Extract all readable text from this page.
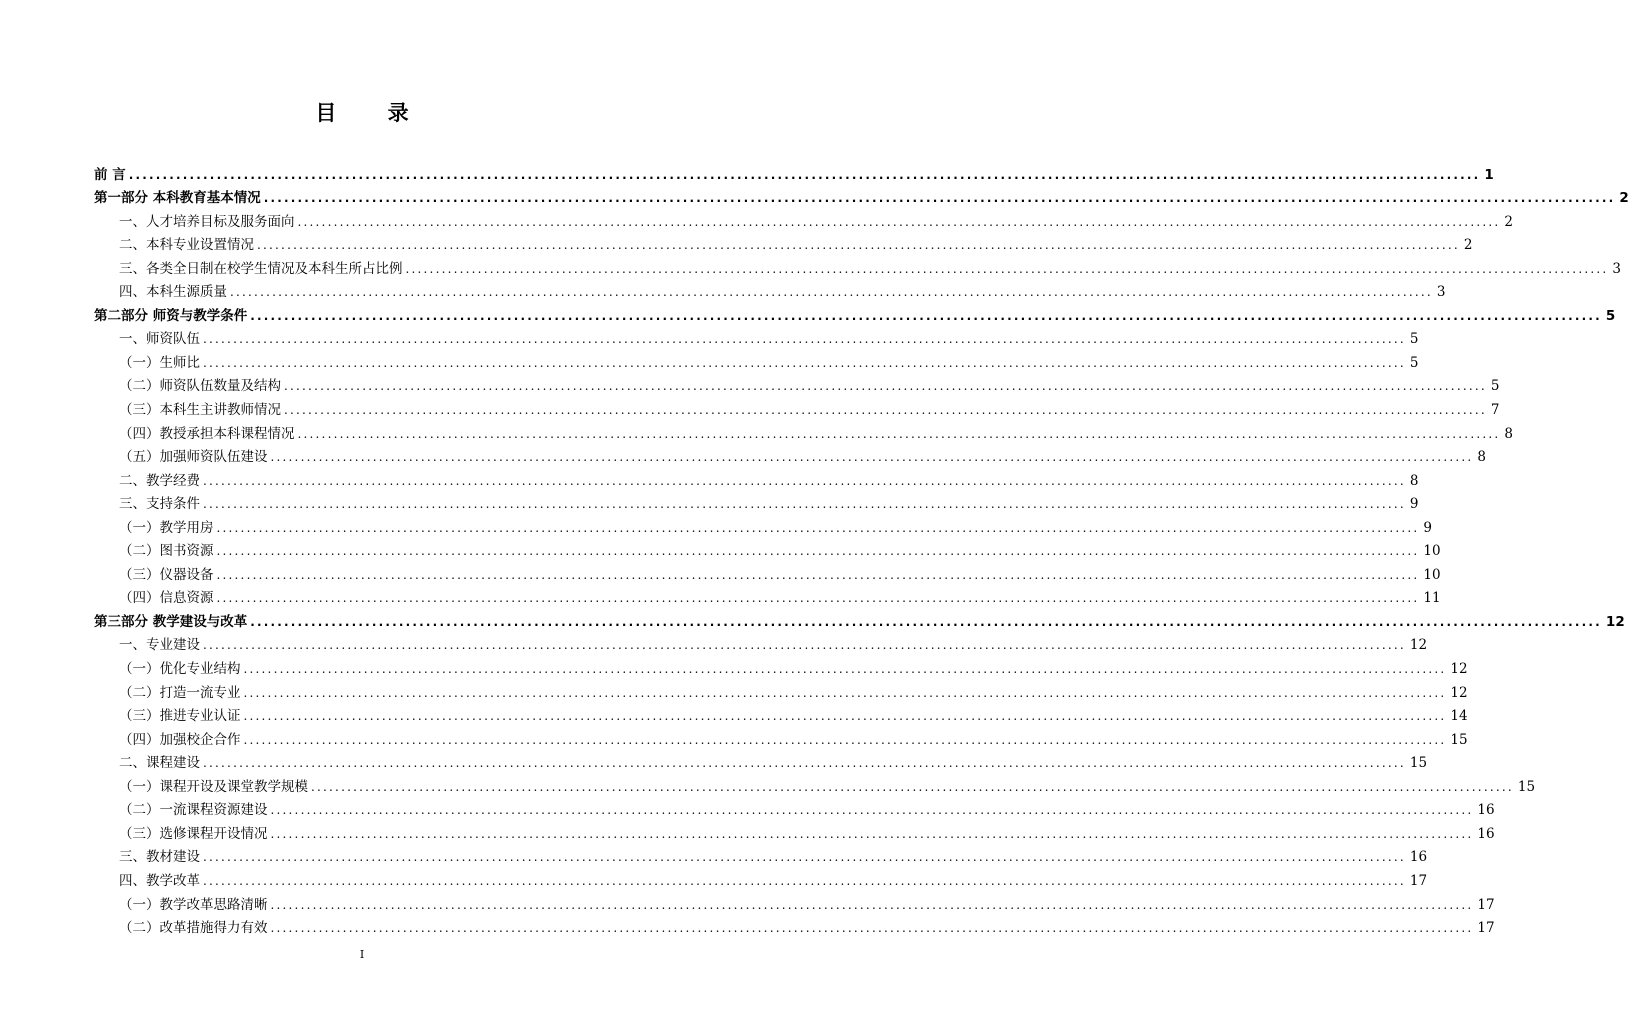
目 录
前 言 ........................................................................................................................................................................................................ 1
第一部分 本科教育基本情况 ........................................................................................................................................................................................................ 2
一、人才培养目标及服务面向 ........................................................................................................................................................................................................ 2
二、本科专业设置情况 ........................................................................................................................................................................................................ 2
三、各类全日制在校学生情况及本科生所占比例 ........................................................................................................................................................................................................ 3
四、本科生源质量 ........................................................................................................................................................................................................ 3
第二部分 师资与教学条件 ........................................................................................................................................................................................................ 5
一、师资队伍 ........................................................................................................................................................................................................ 5
（一）生师比 ........................................................................................................................................................................................................ 5
（二）师资队伍数量及结构 ........................................................................................................................................................................................................ 5
（三）本科生主讲教师情况 ........................................................................................................................................................................................................ 7
（四）教授承担本科课程情况 ........................................................................................................................................................................................................ 8
（五）加强师资队伍建设 ........................................................................................................................................................................................................ 8
二、教学经费 ........................................................................................................................................................................................................ 8
三、支持条件 ........................................................................................................................................................................................................ 9
（一）教学用房 ........................................................................................................................................................................................................ 9
（二）图书资源 ........................................................................................................................................................................................................ 10
（三）仪器设备 ........................................................................................................................................................................................................ 10
（四）信息资源 ........................................................................................................................................................................................................ 11
第三部分 教学建设与改革 ........................................................................................................................................................................................................ 12
一、专业建设 ........................................................................................................................................................................................................ 12
（一）优化专业结构 ........................................................................................................................................................................................................ 12
（二）打造一流专业 ........................................................................................................................................................................................................ 12
（三）推进专业认证 ........................................................................................................................................................................................................ 14
（四）加强校企合作 ........................................................................................................................................................................................................ 15
二、课程建设 ........................................................................................................................................................................................................ 15
（一）课程开设及课堂教学规模 ........................................................................................................................................................................................................ 15
（二）一流课程资源建设 ........................................................................................................................................................................................................ 16
（三）选修课程开设情况 ........................................................................................................................................................................................................ 16
三、教材建设 ........................................................................................................................................................................................................ 16
四、教学改革 ........................................................................................................................................................................................................ 17
（一）教学改革思路清晰 ........................................................................................................................................................................................................ 17
（二）改革措施得力有效 ........................................................................................................................................................................................................ 17
I
